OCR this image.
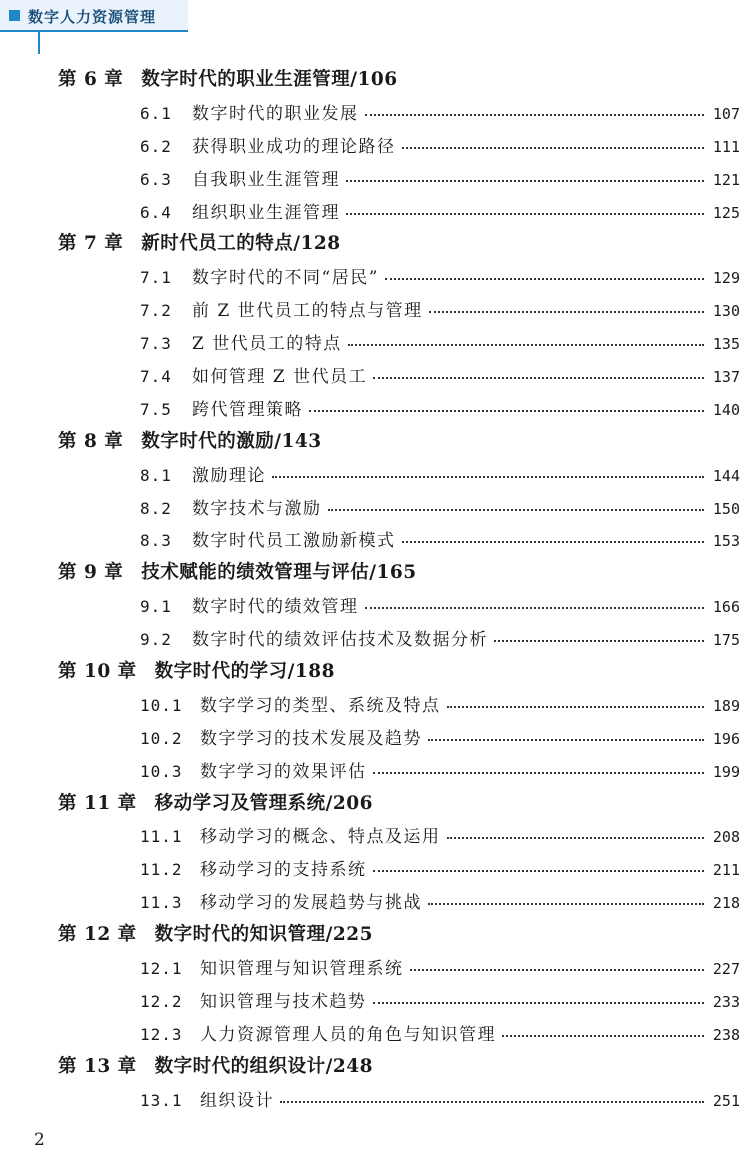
数字人力资源管理
第 6 章 数字时代的职业生涯管理/106
6.1	数字时代的职业发展	107
6.2	获得职业成功的理论路径	111
6.3	自我职业生涯管理	121
6.4	组织职业生涯管理	125
第 7 章 新时代员工的特点/128
7.1	数字时代的不同“居民”	129
7.2	前 Z 世代员工的特点与管理	130
7.3	Z 世代员工的特点	135
7.4	如何管理 Z 世代员工	137
7.5	跨代管理策略	140
第 8 章 数字时代的激励/143
8.1	激励理论	144
8.2	数字技术与激励	150
8.3	数字时代员工激励新模式	153
第 9 章 技术赋能的绩效管理与评估/165
9.1	数字时代的绩效管理	166
9.2	数字时代的绩效评估技术及数据分析	175
第 10 章 数字时代的学习/188
10.1	数字学习的类型、系统及特点	189
10.2	数字学习的技术发展及趋势	196
10.3	数字学习的效果评估	199
第 11 章 移动学习及管理系统/206
11.1	移动学习的概念、特点及运用	208
11.2	移动学习的支持系统	211
11.3	移动学习的发展趋势与挑战	218
第 12 章 数字时代的知识管理/225
12.1	知识管理与知识管理系统	227
12.2	知识管理与技术趋势	233
12.3	人力资源管理人员的角色与知识管理	238
第 13 章 数字时代的组织设计/248
13.1	组织设计	251
2
